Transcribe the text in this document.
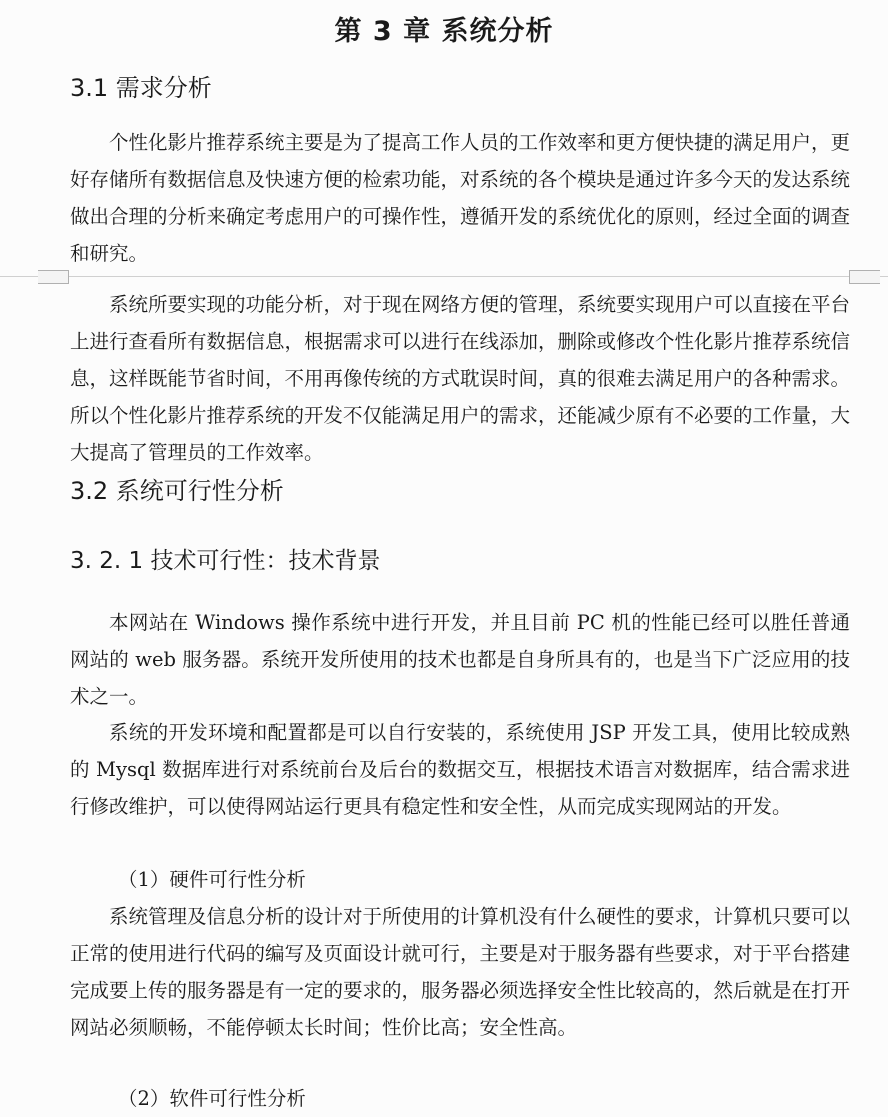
第 3 章 系统分析
3.1 需求分析

个性化影片推荐系统主要是为了提高工作人员的工作效率和更方便快捷的满足用户，更好存储所有数据信息及快速方便的检索功能，对系统的各个模块是通过许多今天的发达系统做出合理的分析来确定考虑用户的可操作性，遵循开发的系统优化的原则，经过全面的调查和研究。

系统所要实现的功能分析，对于现在网络方便的管理，系统要实现用户可以直接在平台上进行查看所有数据信息，根据需求可以进行在线添加，删除或修改个性化影片推荐系统信息，这样既能节省时间，不用再像传统的方式耽误时间，真的很难去满足用户的各种需求。所以个性化影片推荐系统的开发不仅能满足用户的需求，还能减少原有不必要的工作量，大大提高了管理员的工作效率。

3.2 系统可行性分析
3. 2. 1 技术可行性：技术背景

本网站在 Windows 操作系统中进行开发，并且目前 PC 机的性能已经可以胜任普通网站的 web 服务器。系统开发所使用的技术也都是自身所具有的，也是当下广泛应用的技术之一。

系统的开发环境和配置都是可以自行安装的，系统使用 JSP 开发工具，使用比较成熟的 Mysql 数据库进行对系统前台及后台的数据交互，根据技术语言对数据库，结合需求进行修改维护，可以使得网站运行更具有稳定性和安全性，从而完成实现网站的开发。

（1）硬件可行性分析

系统管理及信息分析的设计对于所使用的计算机没有什么硬性的要求，计算机只要可以正常的使用进行代码的编写及页面设计就可行，主要是对于服务器有些要求，对于平台搭建完成要上传的服务器是有一定的要求的，服务器必须选择安全性比较高的，然后就是在打开网站必须顺畅，不能停顿太长时间；性价比高；安全性高。

（2）软件可行性分析
